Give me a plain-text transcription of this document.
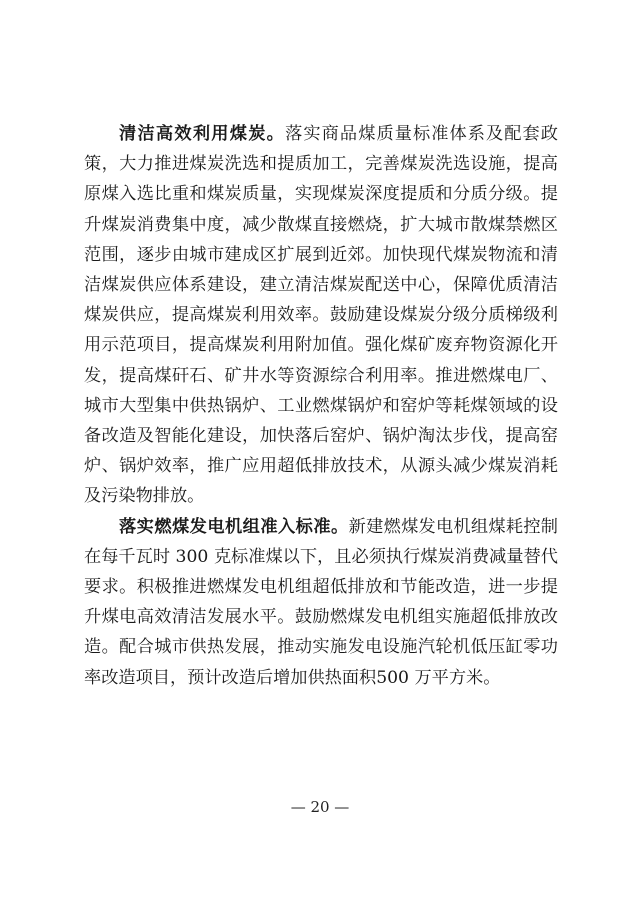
清洁高效利用煤炭。落实商品煤质量标准体系及配套政策，大力推进煤炭洗选和提质加工，完善煤炭洗选设施，提高原煤入选比重和煤炭质量，实现煤炭深度提质和分质分级。提升煤炭消费集中度，减少散煤直接燃烧，扩大城市散煤禁燃区范围，逐步由城市建成区扩展到近郊。加快现代煤炭物流和清洁煤炭供应体系建设，建立清洁煤炭配送中心，保障优质清洁煤炭供应，提高煤炭利用效率。鼓励建设煤炭分级分质梯级利用示范项目，提高煤炭利用附加值。强化煤矿废弃物资源化开发，提高煤矸石、矿井水等资源综合利用率。推进燃煤电厂、城市大型集中供热锅炉、工业燃煤锅炉和窑炉等耗煤领域的设备改造及智能化建设，加快落后窑炉、锅炉淘汰步伐，提高窑炉、锅炉效率，推广应用超低排放技术，从源头减少煤炭消耗及污染物排放。

落实燃煤发电机组准入标准。新建燃煤发电机组煤耗控制在每千瓦时 300 克标准煤以下，且必须执行煤炭消费减量替代要求。积极推进燃煤发电机组超低排放和节能改造，进一步提升煤电高效清洁发展水平。鼓励燃煤发电机组实施超低排放改造。配合城市供热发展，推动实施发电设施汽轮机低压缸零功率改造项目，预计改造后增加供热面积500 万平方米。

— 20 —
